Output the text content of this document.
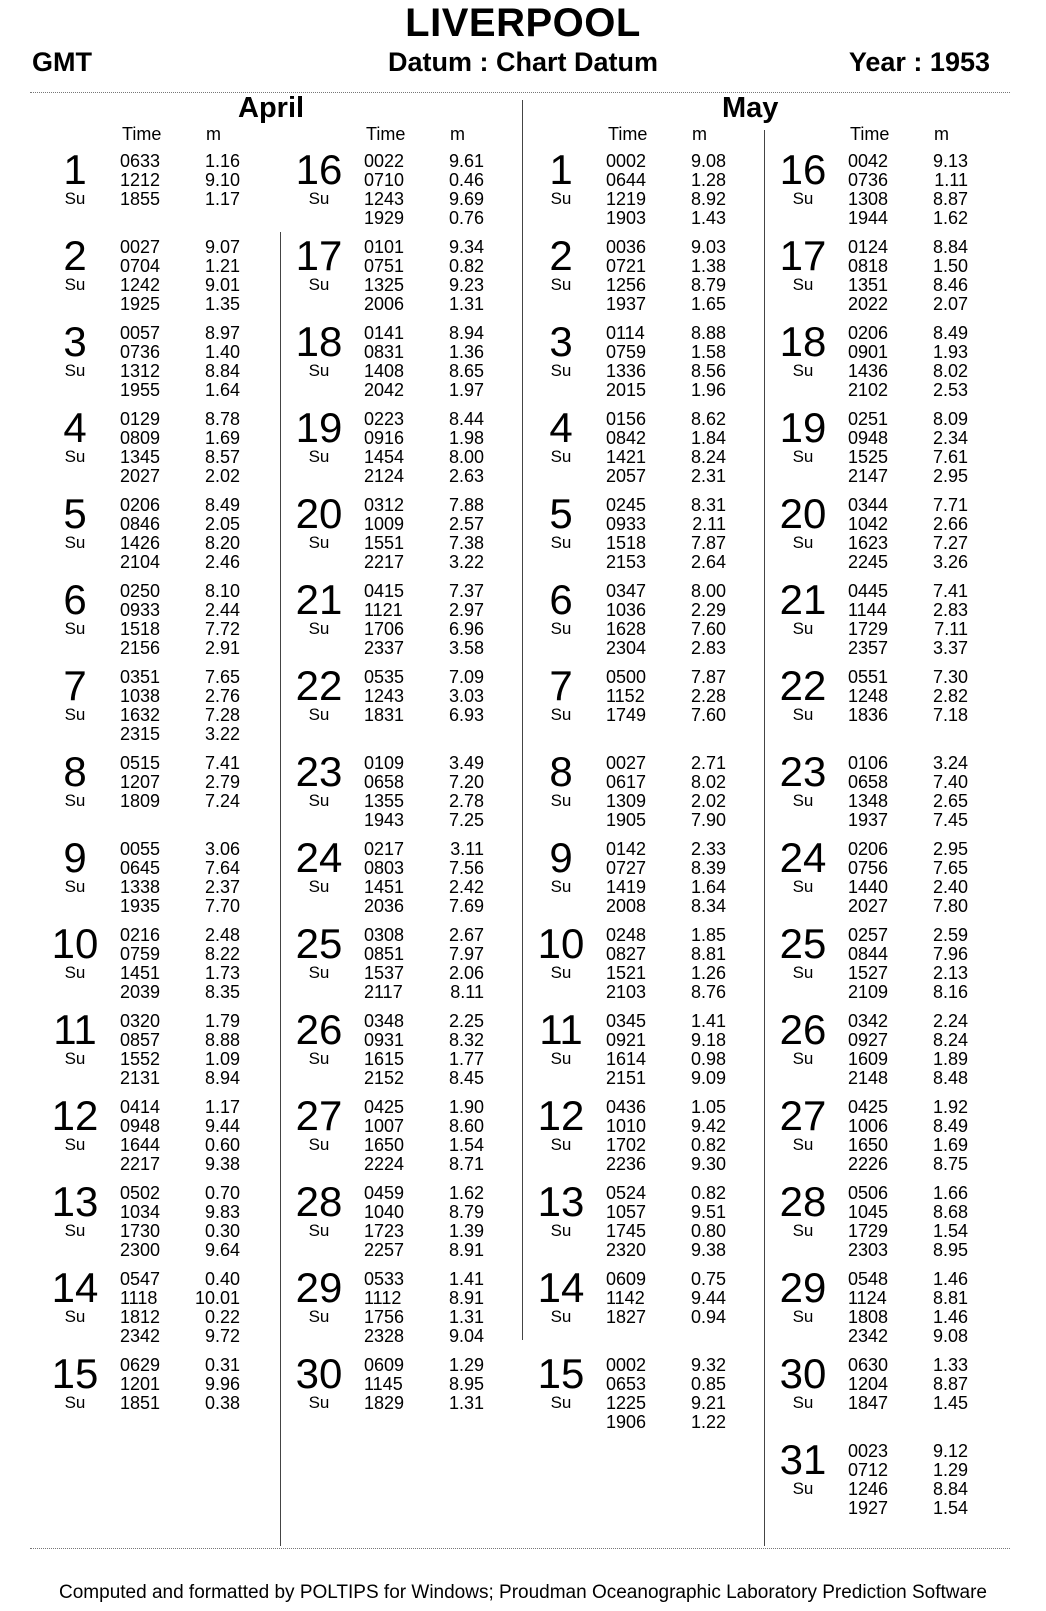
LIVERPOOL
GMT	Datum : Chart Datum	Year : 1953
April	May
Time m	Time m	Time m	Time m
1
Su
0633	1.16
1212	9.10
1855	1.17
2
Su
0027	9.07
0704	1.21
1242	9.01
1925	1.35
3
Su
0057	8.97
0736	1.40
1312	8.84
1955	1.64
4
Su
0129	8.78
0809	1.69
1345	8.57
2027	2.02
5
Su
0206	8.49
0846	2.05
1426	8.20
2104	2.46
6
Su
0250	8.10
0933	2.44
1518	7.72
2156	2.91
7
Su
0351	7.65
1038	2.76
1632	7.28
2315	3.22
8
Su
0515	7.41
1207	2.79
1809	7.24
9
Su
0055	3.06
0645	7.64
1338	2.37
1935	7.70
10
Su
0216	2.48
0759	8.22
1451	1.73
2039	8.35
11
Su
0320	1.79
0857	8.88
1552	1.09
2131	8.94
12
Su
0414	1.17
0948	9.44
1644	0.60
2217	9.38
13
Su
0502	0.70
1034	9.83
1730	0.30
2300	9.64
14
Su
0547	0.40
1118	10.01
1812	0.22
2342	9.72
15
Su
0629	0.31
1201	9.96
1851	0.38
16
Su
0022	9.61
0710	0.46
1243	9.69
1929	0.76
17
Su
0101	9.34
0751	0.82
1325	9.23
2006	1.31
18
Su
0141	8.94
0831	1.36
1408	8.65
2042	1.97
19
Su
0223	8.44
0916	1.98
1454	8.00
2124	2.63
20
Su
0312	7.88
1009	2.57
1551	7.38
2217	3.22
21
Su
0415	7.37
1121	2.97
1706	6.96
2337	3.58
22
Su
0535	7.09
1243	3.03
1831	6.93
23
Su
0109	3.49
0658	7.20
1355	2.78
1943	7.25
24
Su
0217	3.11
0803	7.56
1451	2.42
2036	7.69
25
Su
0308	2.67
0851	7.97
1537	2.06
2117	8.11
26
Su
0348	2.25
0931	8.32
1615	1.77
2152	8.45
27
Su
0425	1.90
1007	8.60
1650	1.54
2224	8.71
28
Su
0459	1.62
1040	8.79
1723	1.39
2257	8.91
29
Su
0533	1.41
1112	8.91
1756	1.31
2328	9.04
30
Su
0609	1.29
1145	8.95
1829	1.31
1
Su
0002	9.08
0644	1.28
1219	8.92
1903	1.43
2
Su
0036	9.03
0721	1.38
1256	8.79
1937	1.65
3
Su
0114	8.88
0759	1.58
1336	8.56
2015	1.96
4
Su
0156	8.62
0842	1.84
1421	8.24
2057	2.31
5
Su
0245	8.31
0933	2.11
1518	7.87
2153	2.64
6
Su
0347	8.00
1036	2.29
1628	7.60
2304	2.83
7
Su
0500	7.87
1152	2.28
1749	7.60
8
Su
0027	2.71
0617	8.02
1309	2.02
1905	7.90
9
Su
0142	2.33
0727	8.39
1419	1.64
2008	8.34
10
Su
0248	1.85
0827	8.81
1521	1.26
2103	8.76
11
Su
0345	1.41
0921	9.18
1614	0.98
2151	9.09
12
Su
0436	1.05
1010	9.42
1702	0.82
2236	9.30
13
Su
0524	0.82
1057	9.51
1745	0.80
2320	9.38
14
Su
0609	0.75
1142	9.44
1827	0.94
15
Su
0002	9.32
0653	0.85
1225	9.21
1906	1.22
16
Su
0042	9.13
0736	1.11
1308	8.87
1944	1.62
17
Su
0124	8.84
0818	1.50
1351	8.46
2022	2.07
18
Su
0206	8.49
0901	1.93
1436	8.02
2102	2.53
19
Su
0251	8.09
0948	2.34
1525	7.61
2147	2.95
20
Su
0344	7.71
1042	2.66
1623	7.27
2245	3.26
21
Su
0445	7.41
1144	2.83
1729	7.11
2357	3.37
22
Su
0551	7.30
1248	2.82
1836	7.18
23
Su
0106	3.24
0658	7.40
1348	2.65
1937	7.45
24
Su
0206	2.95
0756	7.65
1440	2.40
2027	7.80
25
Su
0257	2.59
0844	7.96
1527	2.13
2109	8.16
26
Su
0342	2.24
0927	8.24
1609	1.89
2148	8.48
27
Su
0425	1.92
1006	8.49
1650	1.69
2226	8.75
28
Su
0506	1.66
1045	8.68
1729	1.54
2303	8.95
29
Su
0548	1.46
1124	8.81
1808	1.46
2342	9.08
30
Su
0630	1.33
1204	8.87
1847	1.45
31
Su
0023	9.12
0712	1.29
1246	8.84
1927	1.54
Computed and formatted by POLTIPS for Windows; Proudman Oceanographic Laboratory Prediction Software
